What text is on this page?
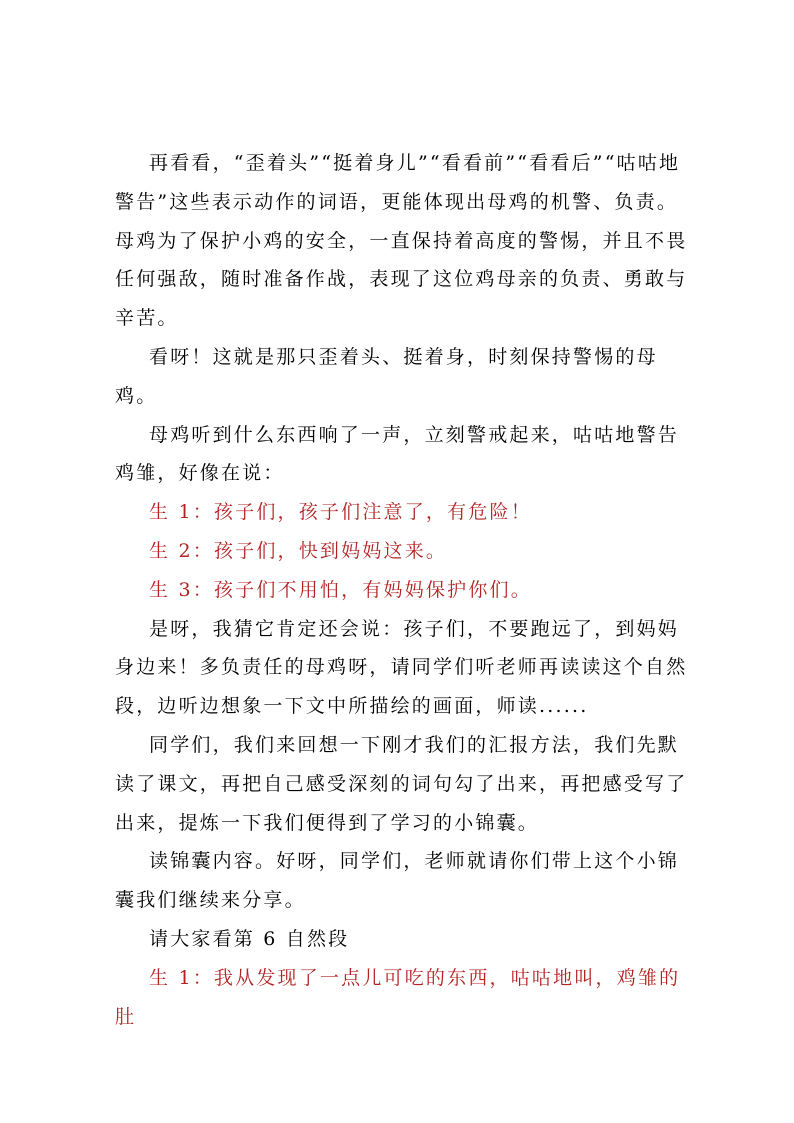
再看看，“歪着头”“挺着身儿”“看看前”“看看后”“咕咕地警告”这些表示动作的词语，更能体现出母鸡的机警、负责。母鸡为了保护小鸡的安全，一直保持着高度的警惕，并且不畏任何强敌，随时准备作战，表现了这位鸡母亲的负责、勇敢与辛苦。

看呀！这就是那只歪着头、挺着身，时刻保持警惕的母鸡。

母鸡听到什么东西响了一声，立刻警戒起来，咕咕地警告鸡雏，好像在说：

生 1：孩子们，孩子们注意了，有危险！

生 2：孩子们，快到妈妈这来。

生 3：孩子们不用怕，有妈妈保护你们。

是呀，我猜它肯定还会说：孩子们，不要跑远了，到妈妈身边来！多负责任的母鸡呀，请同学们听老师再读读这个自然段，边听边想象一下文中所描绘的画面，师读......

同学们，我们来回想一下刚才我们的汇报方法，我们先默读了课文，再把自己感受深刻的词句勾了出来，再把感受写了出来，提炼一下我们便得到了学习的小锦囊。

读锦囊内容。好呀，同学们，老师就请你们带上这个小锦囊我们继续来分享。

请大家看第 6 自然段

生 1：我从发现了一点儿可吃的东西，咕咕地叫，鸡雏的肚
